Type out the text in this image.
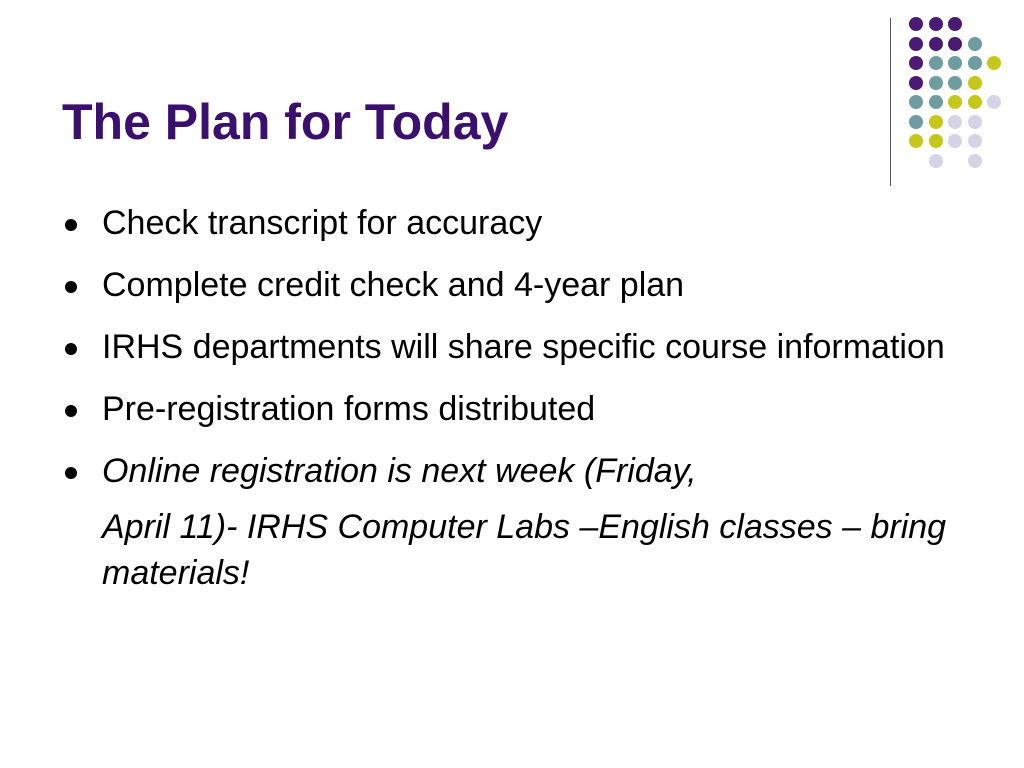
The Plan for Today
Check transcript for accuracy
Complete credit check and 4-year plan
IRHS departments will share specific course information
Pre-registration forms distributed
Online registration is next week (Friday,
April 11)- IRHS Computer Labs –English classes – bring materials!
